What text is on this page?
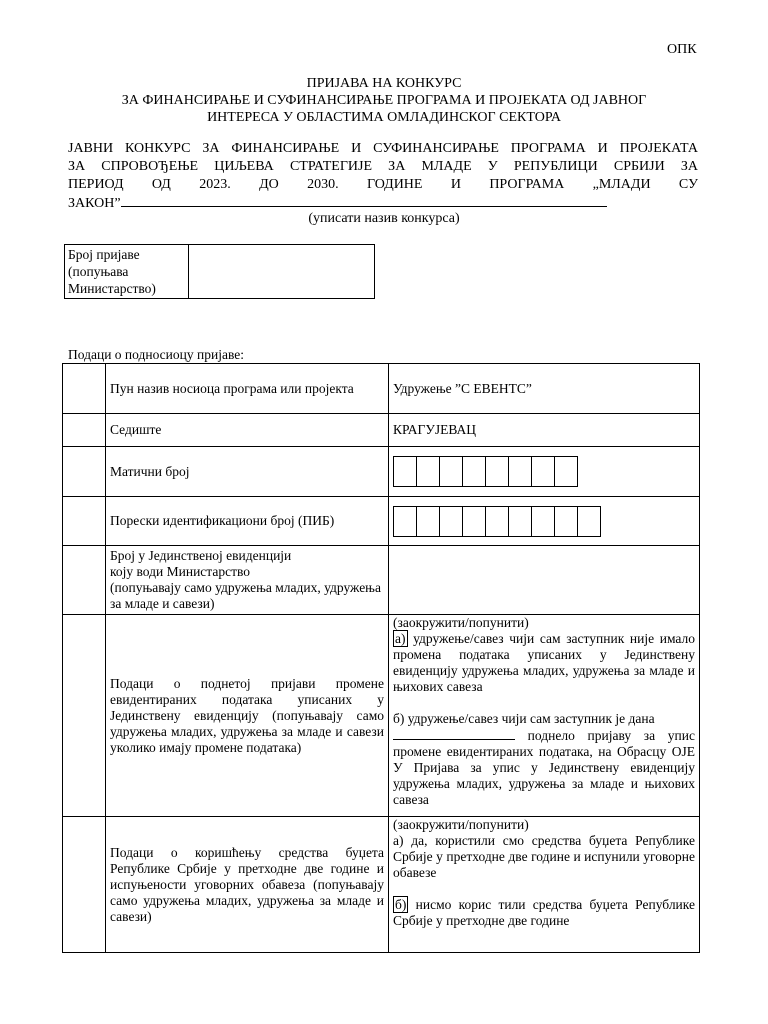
ОПК
ПРИЈАВА НА КОНКУРС
ЗА ФИНАНСИРАЊЕ И СУФИНАНСИРАЊЕ ПРОГРАМА И ПРОЈЕКАТА ОД ЈАВНОГ
ИНТЕРЕСА У ОБЛАСТИМА ОМЛАДИНСКОГ СЕКТОРА
ЈАВНИ КОНКУРС ЗА ФИНАНСИРАЊЕ И СУФИНАНСИРАЊЕ ПРОГРАМА И ПРОЈЕКАТА
ЗА СПРОВОЂЕЊЕ ЦИЉЕВА СТРАТЕГИЈЕ ЗА МЛАДЕ У РЕПУБЛИЦИ СРБИЈИ ЗА
ПЕРИОД ОД 2023. ДО 2030. ГОДИНЕ И ПРОГРАМА „МЛАДИ СУ
ЗАКОН”
(уписати назив конкурса)
Број пријаве
(попуњава
Министарство)

Подаци о подносиоцу пријаве:
	Пун назив носиоца програма или пројекта	Удружење ”С ЕВЕНТС”
	Седиште	КРАГУЈЕВАЦ
	Матични број	

	Порески идентификациони број (ПИБ)	

	Број у Јединственој евиденцији
коју води Министарство
(попуњавају само удружења младих, удружења за младе и савези)	

	Подаци о поднетој пријави промене евидентираних података уписаних у Јединствену евиденцију (попуњавају само удружења младих, удружења за младе и савези уколико имају промене података)	(заокружити/попунити)
а) удружење/савез чији сам заступник није имало промена података уписаних у Јединствену евиденцију удружења младих, удружења за младе и њихових савеза
б) удружење/савез чији сам заступник је дана
поднело пријаву за упис промене евидентираних података, на Обрасцу ОЈЕ У Пријава за упис у Јединствену евиденцију удружења младих, удружења за младе и њихових савеза

	Подаци о коришћењу средства буџета Републике Србије у претходне две године и испуњености уговорних обавеза (попуњавају само удружења младих, удружења за младе и савези)	(заокружити/попунити)
а) да, користили смо средства буџета Републике Србије у претходне две године и испунили уговорне обавезе
б) нисмо корис тили средства буџета Републике Србије у претходне две године
